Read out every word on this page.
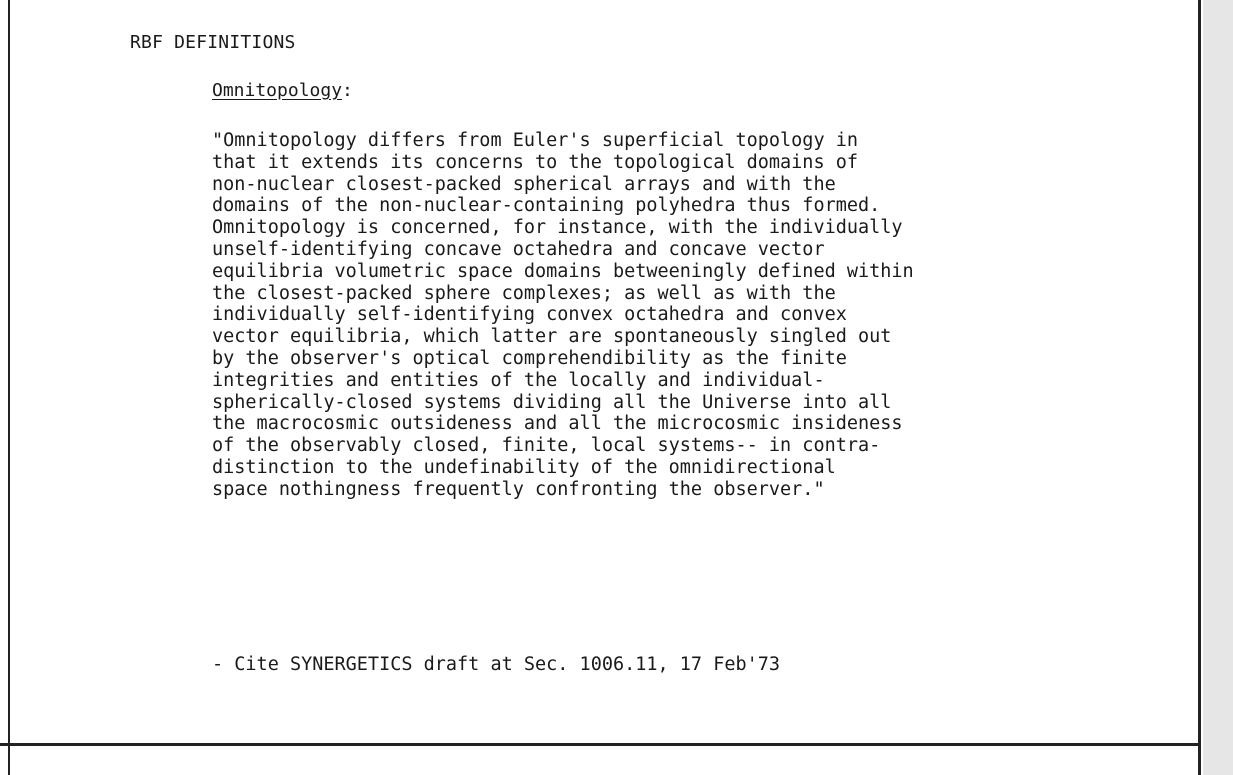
RBF DEFINITIONS
Omnitopology:
"Omnitopology differs from Euler's superficial topology in
that it extends its concerns to the topological domains of
non-nuclear closest-packed spherical arrays and with the
domains of the non-nuclear-containing polyhedra thus formed.
Omnitopology is concerned, for instance, with the individually
unself-identifying concave octahedra and concave vector
equilibria volumetric space domains betweeningly defined within
the closest-packed sphere complexes; as well as with the
individually self-identifying convex octahedra and convex
vector equilibria, which latter are spontaneously singled out
by the observer's optical comprehendibility as the finite
integrities and entities of the locally and individual-
spherically-closed systems dividing all the Universe into all
the macrocosmic outsideness and all the microcosmic insideness
of the observably closed, finite, local systems-- in contra-
distinction to the undefinability of the omnidirectional
space nothingness frequently confronting the observer."
- Cite SYNERGETICS draft at Sec. 1006.11, 17 Feb'73
